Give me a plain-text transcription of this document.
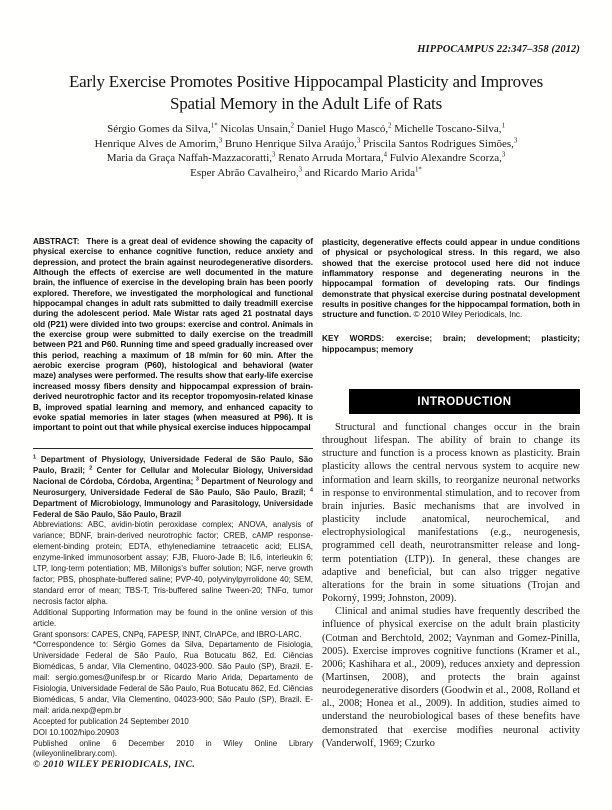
HIPPOCAMPUS 22:347–358 (2012)
Early Exercise Promotes Positive Hippocampal Plasticity and Improves
Spatial Memory in the Adult Life of Rats
Sérgio Gomes da Silva,$^{1*}$ Nicolas Unsain,$^2$ Daniel Hugo Mascó,$^2$ Michelle Toscano-Silva,$^1$
Henrique Alves de Amorim,$^3$ Bruno Henrique Silva Araújo,$^3$ Priscila Santos Rodrigues Simões,$^3$
Maria da Graça Naffah-Mazzacoratti,$^3$ Renato Arruda Mortara,$^4$ Fulvio Alexandre Scorza,$^3$
Esper Abrão Cavalheiro,$^3$ and Ricardo Mario Arida$^{1*}$

ABSTRACT: There is a great deal of evidence showing the capacity of physical exercise to enhance cognitive function, reduce anxiety and depression, and protect the brain against neurodegenerative disorders. Although the effects of exercise are well documented in the mature brain, the influence of exercise in the developing brain has been poorly explored. Therefore, we investigated the morphological and functional hippocampal changes in adult rats submitted to daily treadmill exercise during the adolescent period. Male Wistar rats aged 21 postnatal days old (P21) were divided into two groups: exercise and control. Animals in the exercise group were submitted to daily exercise on the treadmill between P21 and P60. Running time and speed gradually increased over this period, reaching a maximum of 18 m/min for 60 min. After the aerobic exercise program (P60), histological and behavioral (water maze) analyses were performed. The results show that early-life exercise increased mossy fibers density and hippocampal expression of brain-derived neurotrophic factor and its receptor tropomyosin-related kinase B, improved spatial learning and memory, and enhanced capacity to evoke spatial memories in later stages (when measured at P96). It is important to point out that while physical exercise induces hippocampal

$^1$ Department of Physiology, Universidade Federal de São Paulo, São Paulo, Brazil; $^2$ Center for Cellular and Molecular Biology, Universidad Nacional de Córdoba, Córdoba, Argentina; $^3$ Department of Neurology and Neurosurgery, Universidade Federal de São Paulo, São Paulo, Brazil; $^4$ Department of Microbiology, Immunology and Parasitology, Universidade Federal de São Paulo, São Paulo, Brazil

Abbreviations: ABC, avidin-biotin peroxidase complex; ANOVA, analysis of variance; BDNF, brain-derived neurotrophic factor; CREB, cAMP response-element-binding protein; EDTA, ethylenediamine tetraacetic acid; ELISA, enzyme-linked immunosorbent assay; FJB, Fluoro-Jade B; IL6, interleukin 6; LTP, long-term potentiation; MB, Millonigs's buffer solution; NGF, nerve growth factor; PBS, phosphate-buffered saline; PVP-40, polyvinylpyrrolidone 40; SEM, standard error of mean; TBS-T, Tris-buffered saline Tween-20; TNFα, tumor necrosis factor alpha.

Additional Supporting Information may be found in the online version of this article.

Grant sponsors: CAPES, CNPq, FAPESP, INNT, CInAPCe, and IBRO-LARC.

*Correspondence to: Sérgio Gomes da Silva, Departamento de Fisiologia, Universidade Federal de São Paulo, Rua Botucatu 862, Ed. Ciências Biomédicas, 5 andar, Vila Clementino, 04023-900. São Paulo (SP), Brazil. E-mail: sergio.gomes@unifesp.br or Ricardo Mario Arida, Departamento de Fisiologia, Universidade Federal de São Paulo, Rua Botucatu 862, Ed. Ciências Biomédicas, 5 andar, Vila Clementino, 04023-900; São Paulo (SP), Brazil. E-mail: arida.nexp@epm.br

Accepted for publication 24 September 2010

DOI 10.1002/hipo.20903

Published online 6 December 2010 in Wiley Online Library (wileyonlinelibrary.com).

© 2010 WILEY PERIODICALS, INC.

plasticity, degenerative effects could appear in undue conditions of physical or psychological stress. In this regard, we also showed that the exercise protocol used here did not induce inflammatory response and degenerating neurons in the hippocampal formation of developing rats. Our findings demonstrate that physical exercise during postnatal development results in positive changes for the hippocampal formation, both in structure and function. © 2010 Wiley Periodicals, Inc.

KEY WORDS: exercise; brain; development; plasticity; hippocampus; memory

INTRODUCTION

Structural and functional changes occur in the brain throughout lifespan. The ability of brain to change its structure and function is a process known as plasticity. Brain plasticity allows the central nervous system to acquire new information and learn skills, to reorganize neuronal networks in response to environmental stimulation, and to recover from brain injuries. Basic mechanisms that are involved in plasticity include anatomical, neurochemical, and electrophysiological manifestations (e.g., neurogenesis, programmed cell death, neurotransmitter release and long-term potentiation (LTP)). In general, these changes are adaptive and beneficial, but can also trigger negative alterations for the brain in some situations (Trojan and Pokorný, 1999; Johnston, 2009).

Clinical and animal studies have frequently described the influence of physical exercise on the adult brain plasticity (Cotman and Berchtold, 2002; Vaynman and Gomez-Pinilla, 2005). Exercise improves cognitive functions (Kramer et al., 2006; Kashihara et al., 2009), reduces anxiety and depression (Martinsen, 2008), and protects the brain against neurodegenerative disorders (Goodwin et al., 2008, Rolland et al., 2008; Honea et al., 2009). In addition, studies aimed to understand the neurobiological bases of these benefits have demonstrated that exercise modifies neuronal activity (Vanderwolf, 1969; Czurko
